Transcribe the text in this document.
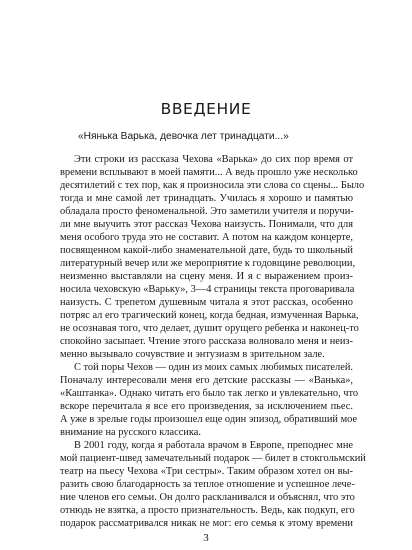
ВВЕДЕНИЕ
«Нянька Варька, девочка лет тринадцати...»
Эти строки из рассказа Чехова «Варька» до сих пор время от
времени всплывают в моей памяти... А ведь прошло уже несколько
десятилетий с тех пор, как я произносила эти слова со сцены... Было
тогда и мне самой лет тринадцать. Училась я хорошо и памятью
обладала просто феноменальной. Это заметили учителя и поручи-
ли мне выучить этот рассказ Чехова наизусть. Понимали, что для
меня особого труда это не составит. А потом на каждом концерте,
посвященном какой-либо знаменательной дате, будь то школьный
литературный вечер или же мероприятие к годовщине революции,
неизменно выставляли на сцену меня. И я с выражением произ-
носила чеховскую «Варьку», 3—4 страницы текста проговаривала
наизусть. С трепетом душевным читала я этот рассказ, особенно
потряс ал его трагический конец, когда бедная, измученная Варька,
не осознавая того, что делает, душит орущего ребенка и наконец-то
спокойно засыпает. Чтение этого рассказа волновало меня и неиз-
менно вызывало сочувствие и энтузиазм в зрительном зале.
С той поры Чехов — один из моих самых любимых писателей.
Поначалу интересовали меня его детские рассказы — «Ванька»,
«Каштанка». Однако читать его было так легко и увлекательно, что
вскоре перечитала я все его произведения, за исключением пьес.
А уже в зрелые годы произошел еще один эпизод, обративший мое
внимание на русского классика.
В 2001 году, когда я работала врачом в Европе, преподнес мне
мой пациент-швед замечательный подарок — билет в стокгольмский
театр на пьесу Чехова «Три сестры». Таким образом хотел он вы-
разить свою благодарность за теплое отношение и успешное лече-
ние членов его семьи. Он долго раскланивался и объяснял, что это
отнюдь не взятка, а просто признательность. Ведь, как подкуп, его
подарок рассматривался никак не мог: его семья к этому времени
3
